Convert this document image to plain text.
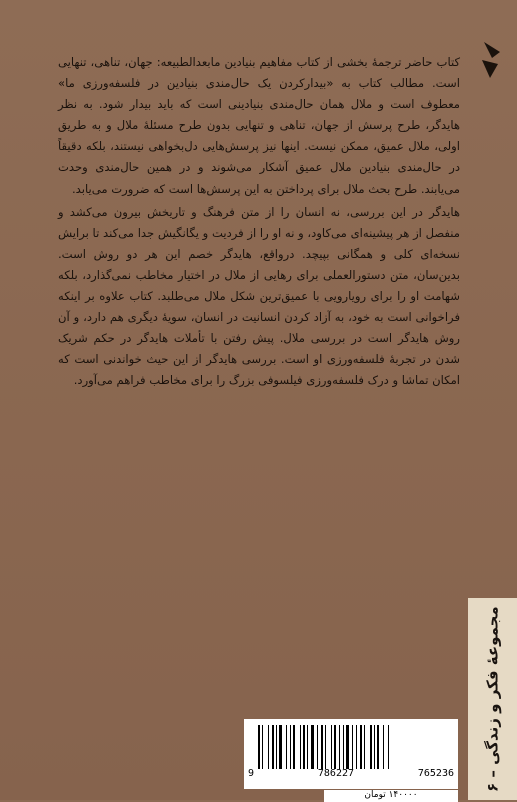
کتاب حاضر ترجمهٔ بخشی از کتاب مفاهیم بنیادین مابعدالطبیعه: جهان، تناهی، تنهایی است. مطالب کتاب به «بیدارکردن یک حال‌مندی بنیادین در فلسفه‌ورزی ما» معطوف است و ملال همان حال‌مندی بنیادینی است که باید بیدار شود. به نظر هایدگر، طرح پرسش از جهان، تناهی و تنهایی بدون طرح مسئلهٔ ملال و به طریق اولی، ملال عمیق، ممکن نیست. اینها نیز پرسش‌هایی دل‌بخواهی نیستند، بلکه دقیقاً در حال‌مندی بنیادین ملال عمیق آشکار می‌شوند و در همین حال‌مندی وحدت می‌یابند. طرح بحث ملال برای پرداختن به این پرسش‌ها است که ضرورت می‌یابد.

هایدگر در این بررسی، نه انسان را از متن فرهنگ و تاریخش بیرون می‌کشد و منفصل از هر پیشینه‌ای می‌کاود، و نه او را از فردیت و یگانگیش جدا می‌کند تا برایش نسخه‌ای کلی و همگانی بپیچد. درواقع، هایدگر خصم این هر دو روش است. بدین‌سان، متن دستورالعملی برای رهایی از ملال در اختیار مخاطب نمی‌گذارد، بلکه شهامت او را برای رویارویی با عمیق‌ترین شکل ملال می‌طلبد. کتاب علاوه بر اینکه فراخوانی است به خود، به آزاد کردن انسانیت در انسان، سویهٔ دیگری هم دارد، و آن روش هایدگر است در بررسی ملال. پیش رفتن با تأملات هایدگر در حکم شریک شدن در تجربهٔ فلسفه‌ورزی او است. بررسی هایدگر از این حیث خواندنی است که امکان تماشا و درک فلسفه‌ورزی فیلسوفی بزرگ را برای مخاطب فراهم می‌آورد.

مجموعهٔ فکر و زندگی – ۶
9	786227	765236
۱۴۰۰۰۰ تومان
